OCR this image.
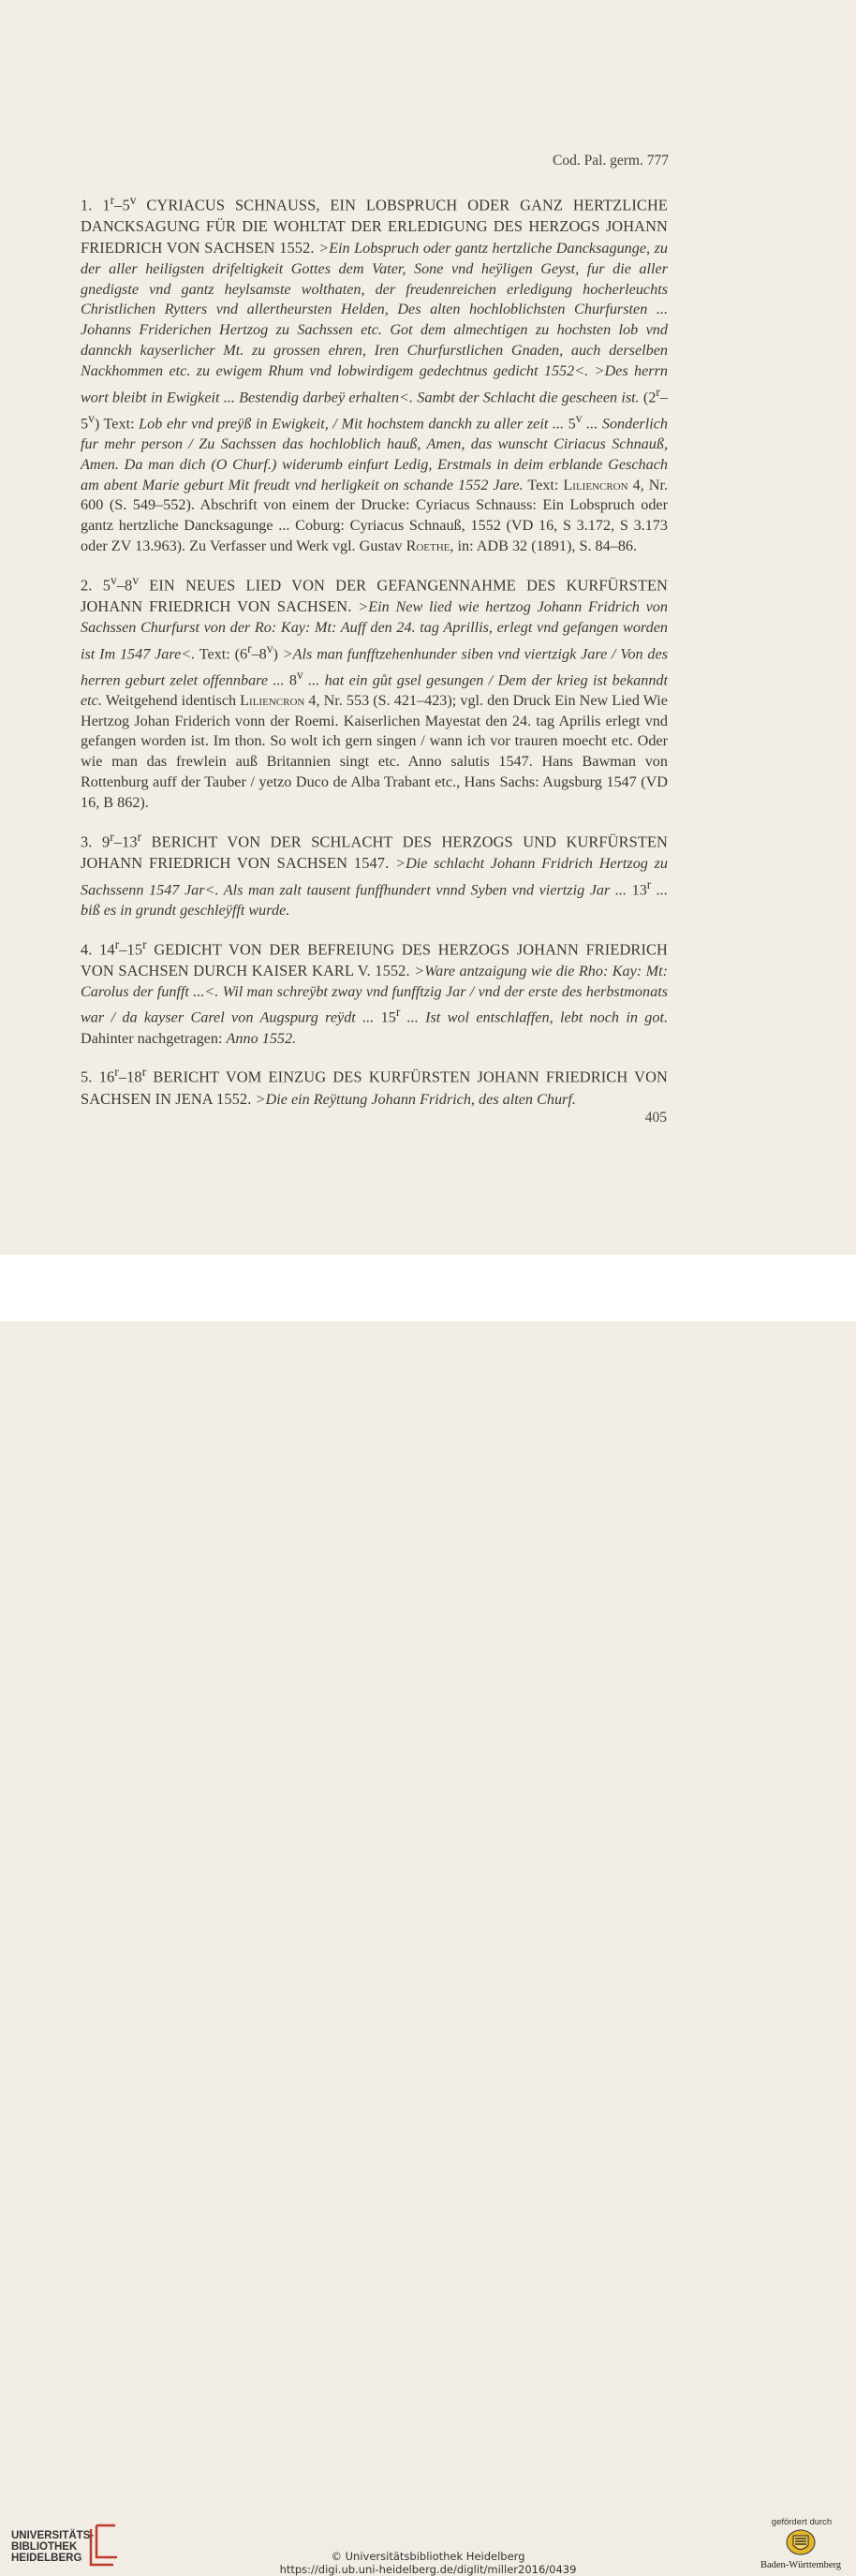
Cod. Pal. germ. 777

1. 1$^r$–5$^v$ CYRIACUS SCHNAUSS, EIN LOBSPRUCH ODER GANZ HERTZLICHE DANCKSAGUNG FÜR DIE WOHLTAT DER ERLEDIGUNG DES HERZOGS JOHANN FRIEDRICH VON SACHSEN 1552. >Ein Lobspruch oder gantz hertzliche Dancksagunge, zu der aller heiligsten drifeltigkeit Gottes dem Vater, Sone vnd heÿligen Geyst, fur die aller gnedigste vnd gantz heylsamste wolthaten, der freudenreichen erledigung hocherleuchts Christlichen Rytters vnd allertheursten Helden, Des alten hochloblichsten Churfursten ... Johanns Friderichen Hertzog zu Sachssen etc. Got dem almechtigen zu hochsten lob vnd dannckh kayserlicher Mt. zu grossen ehren, Iren Churfurstlichen Gnaden, auch derselben Nackhommen etc. zu ewigem Rhum vnd lobwirdigem gedechtnus gedicht 1552<. >Des herrn wort bleibt in Ewigkeit ... Bestendig darbeÿ erhalten<. Sambt der Schlacht die gescheen ist. (2$^r$–5$^v$) Text: Lob ehr vnd preÿß in Ewigkeit, / Mit hochstem danckh zu aller zeit ... 5$^v$ ... Sonderlich fur mehr person / Zu Sachssen das hochloblich hauß, Amen, das wunscht Ciriacus Schnauß, Amen. Da man dich (O Churf.) widerumb einfurt Ledig, Erstmals in deim erblande Geschach am abent Marie geburt Mit freudt vnd herligkeit on schande 1552 Jare. Text: Liliencron 4, Nr. 600 (S. 549–552). Abschrift von einem der Drucke: Cyriacus Schnauss: Ein Lobspruch oder gantz hertzliche Dancksagunge ... Coburg: Cyriacus Schnauß, 1552 (VD 16, S 3.172, S 3.173 oder ZV 13.963). Zu Verfasser und Werk vgl. Gustav Roethe, in: ADB 32 (1891), S. 84–86.

2. 5$^v$–8$^v$ EIN NEUES LIED VON DER GEFANGENNAHME DES KURFÜRSTEN JOHANN FRIEDRICH VON SACHSEN. >Ein New lied wie hertzog Johann Fridrich von Sachssen Churfurst von der Ro: Kay: Mt: Auff den 24. tag Aprillis, erlegt vnd gefangen worden ist Im 1547 Jare<. Text: $(6^r-8^v) >Als$ man funfftzehenhunder siben vnd viertzigk Jare / Von des herren geburt zelet offennbare ... 8$^v$ ... hat ein gůt gsel gesungen / Dem der krieg ist bekanndt etc. Weitgehend identisch Liliencron 4, Nr. 553 (S. 421–423); vgl. den Druck Ein New Lied Wie Hertzog Johan Friderich vonn der Roemi. Kaiserlichen Mayestat den 24. tag Aprilis erlegt vnd gefangen worden ist. Im thon. So wolt ich gern singen / wann ich vor trauren moecht etc. Oder wie man das frewlein auß Britannien singt etc. Anno salutis 1547. Hans Bawman von Rottenburg auff der Tauber / yetzo Duco de Alba Trabant etc., Hans Sachs: Augsburg 1547 (VD 16, B 862).

3. 9$^r$–13$^r$ BERICHT VON DER SCHLACHT DES HERZOGS UND KURFÜRSTEN JOHANN FRIEDRICH VON SACHSEN 1547. >Die schlacht Johann Fridrich Hertzog zu Sachssenn 1547 Jar<. Als man zalt tausent funffhundert vnnd Syben vnd viertzig Jar ... 13$^r$ ... biß es in grundt geschleÿfft wurde.

4. 14$^r$–15$^r$ GEDICHT VON DER BEFREIUNG DES HERZOGS JOHANN FRIEDRICH VON SACHSEN DURCH KAISER KARL V. 1552. >Ware antzaigung wie die Rho: Kay: Mt: Carolus der funfft ...<. Wil man schreÿbt zway vnd funfftzig Jar / vnd der erste des herbstmonats war / da kayser Carel von Augspurg reÿdt ... 15$^r$ ... Ist wol entschlaffen, lebt noch in got. Dahinter nachgetragen: Anno 1552.

5. 16$^r$–18$^r$ BERICHT VOM EINZUG DES KURFÜRSTEN JOHANN FRIEDRICH VON SACHSEN IN JENA 1552. >Die ein Reÿttung Johann Fridrich, des alten Churf.

405
UNIVERSITÄTS-
BIBLIOTHEK
HEIDELBERG	© Universitätsbibliothek Heidelberg
https://digi.ub.uni-heidelberg.de/diglit/miller2016/0439
gefördert durch
Baden-Württemberg
